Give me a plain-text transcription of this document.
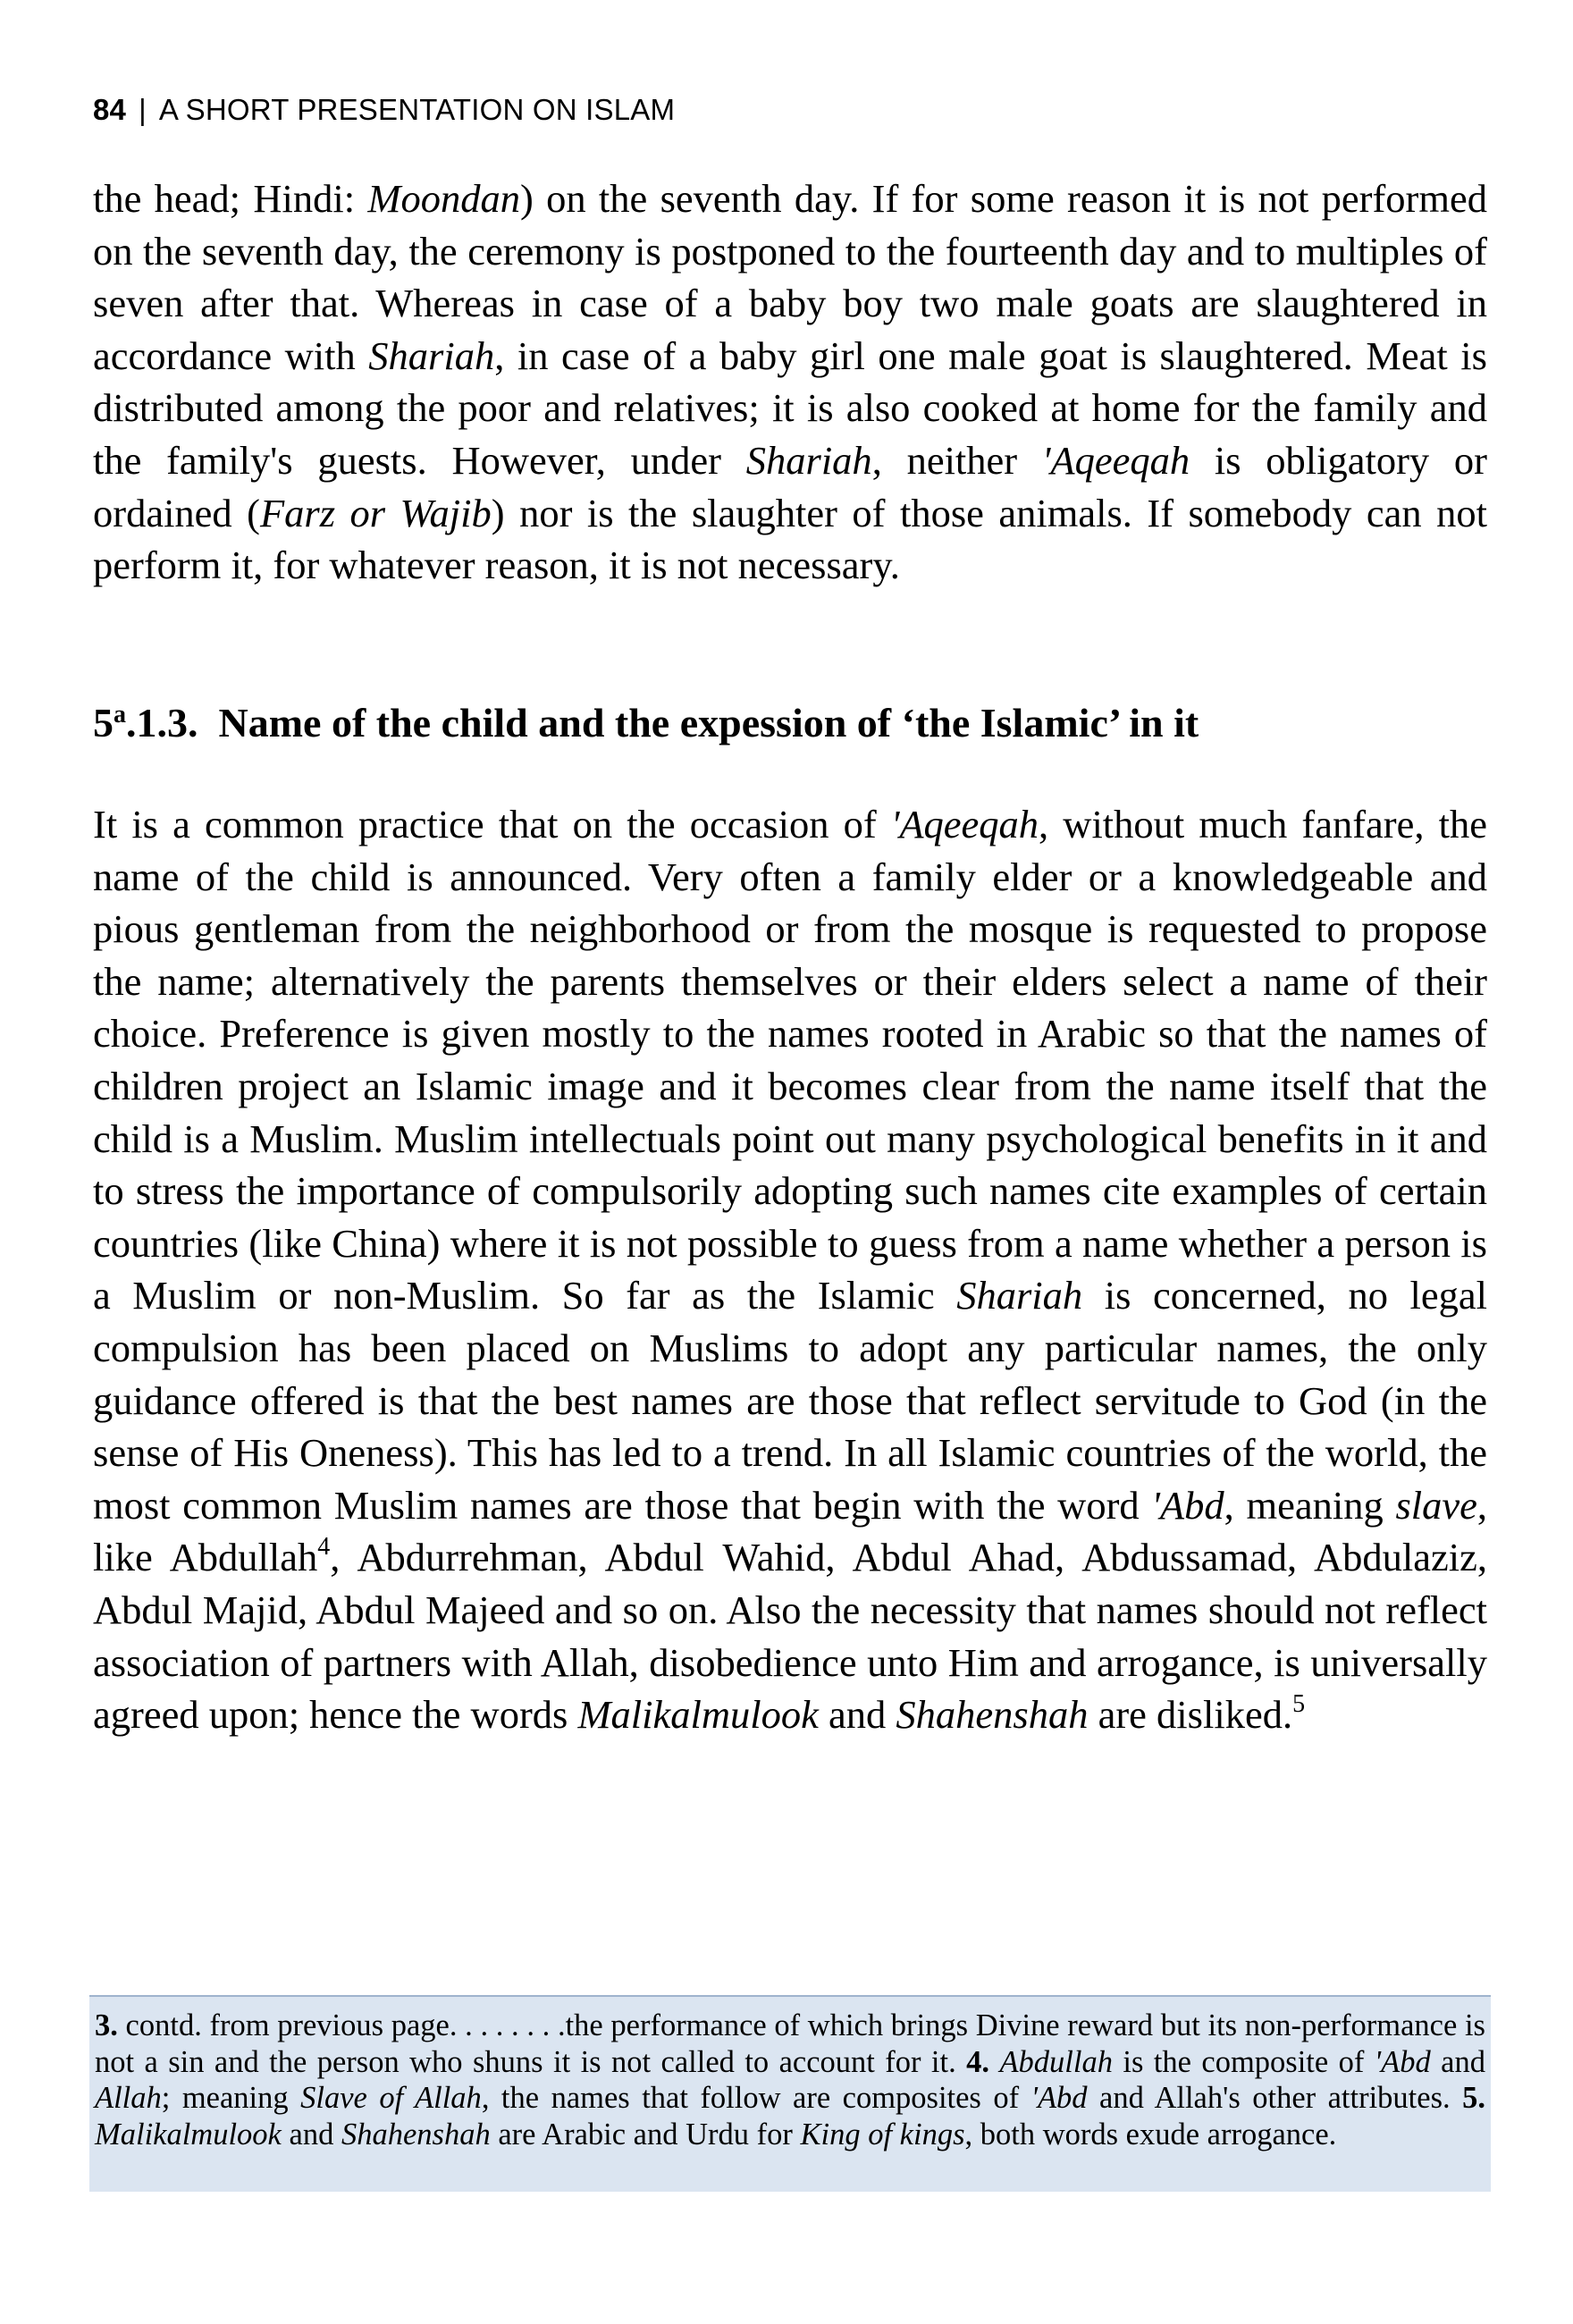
84 | A SHORT PRESENTATION ON ISLAM

the head; Hindi: Moondan) on the seventh day. If for some reason it is not performed on the seventh day, the ceremony is postponed to the fourteenth day and to multiples of seven after that. Whereas in case of a baby boy two male goats are slaughtered in accordance with Shariah, in case of a baby girl one male goat is slaughtered. Meat is distributed among the poor and relatives; it is also cooked at home for the family and the family's guests. However, under Shariah, neither 'Aqeeqah is obligatory or ordained (Farz or Wajib) nor is the slaughter of those animals. If somebody can not perform it, for whatever reason, it is not necessary.

5$^a$.1.3. Name of the child and the expession of ‘the Islamic’ in it

It is a common practice that on the occasion of 'Aqeeqah, without much fanfare, the name of the child is announced. Very often a family elder or a knowledgeable and pious gentleman from the neighborhood or from the mosque is requested to propose the name; alternatively the parents themselves or their elders select a name of their choice. Preference is given mostly to the names rooted in Arabic so that the names of children project an Islamic image and it becomes clear from the name itself that the child is a Muslim. Muslim intellectuals point out many psychological benefits in it and to stress the importance of compulsorily adopting such names cite examples of certain countries (like China) where it is not possible to guess from a name whether a person is a Muslim or non-Muslim. So far as the Islamic Shariah is concerned, no legal compulsion has been placed on Muslims to adopt any particular names, the only guidance offered is that the best names are those that reflect servitude to God (in the sense of His Oneness). This has led to a trend. In all Islamic countries of the world, the most common Muslim names are those that begin with the word 'Abd, meaning slave, like Abdullah$^4$, Abdurrehman, Abdul Wahid, Abdul Ahad, Abdussamad, Abdulaziz, Abdul Majid, Abdul Majeed and so on. Also the necessity that names should not reflect association of partners with Allah, disobedience unto Him and arrogance, is universally agreed upon; hence the words Malikalmulook and Shahenshah are disliked.$^5$

3. contd. from previous page. . . . . . . .the performance of which brings Divine reward but its non-performance is not a sin and the person who shuns it is not called to account for it. 4. Abdullah is the composite of 'Abd and Allah; meaning Slave of Allah, the names that follow are composites of 'Abd and Allah's other attributes. 5. Malikalmulook and Shahenshah are Arabic and Urdu for King of kings, both words exude arrogance.
